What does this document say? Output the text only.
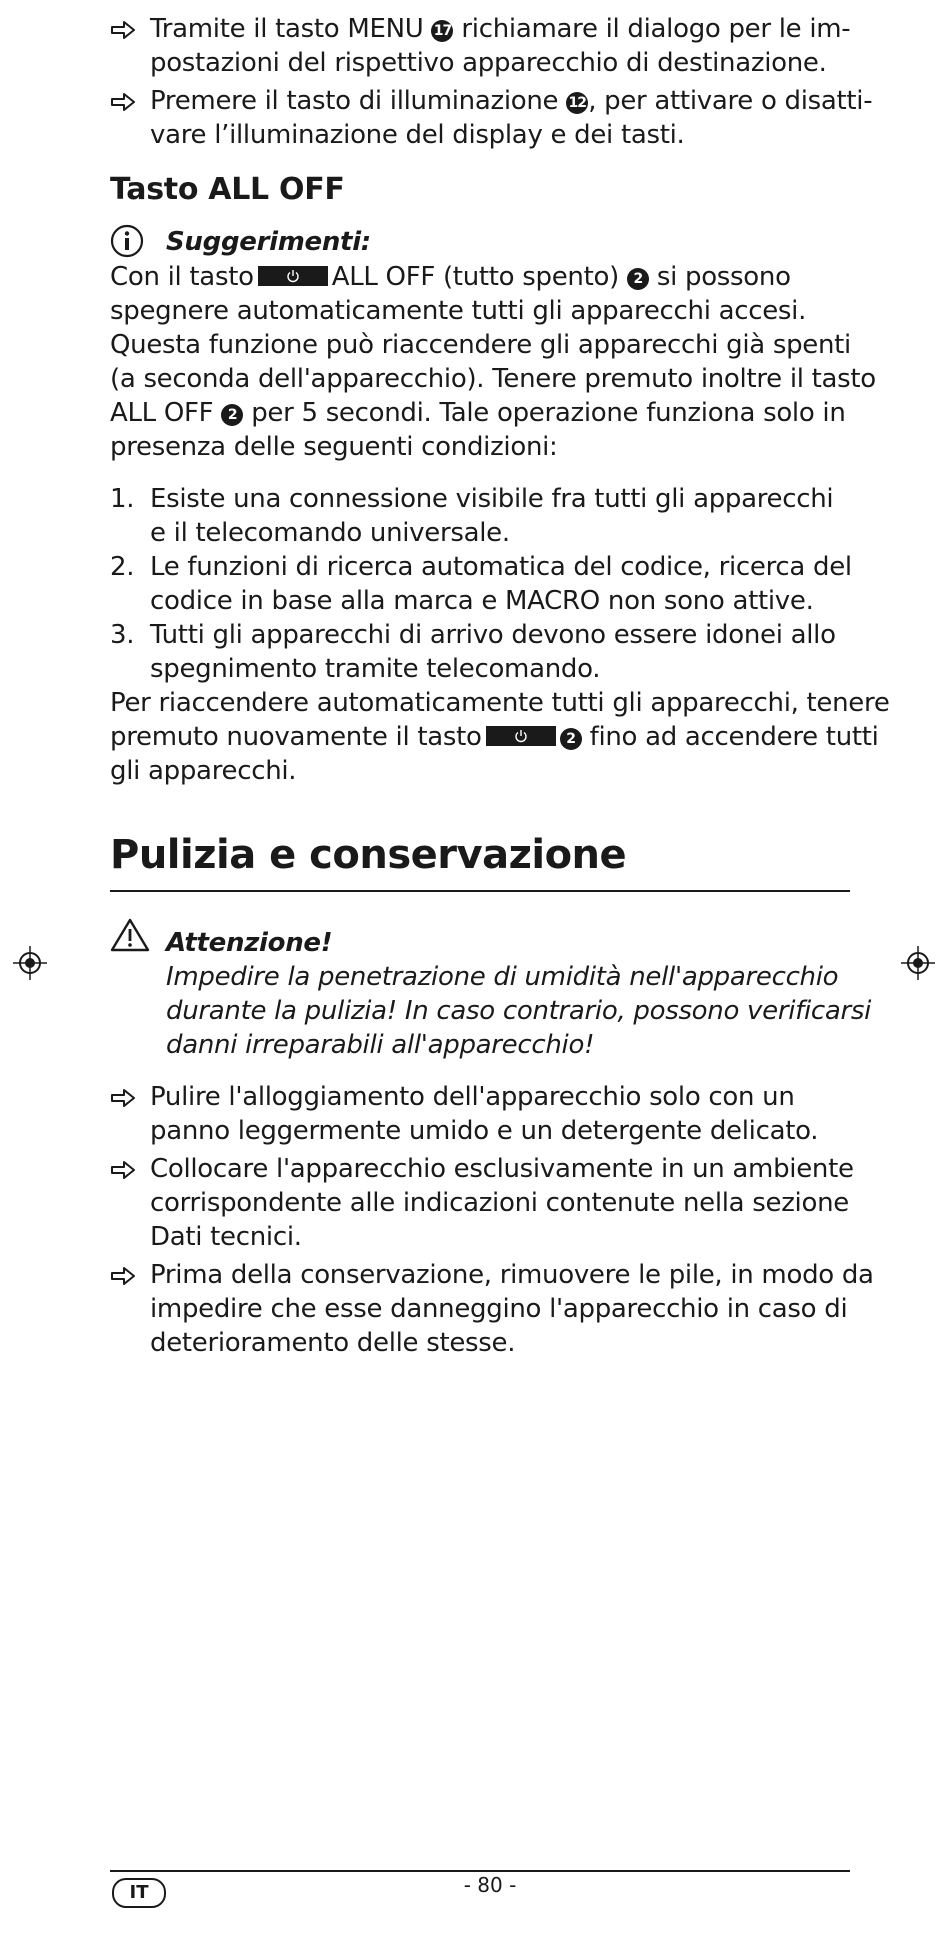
Tramite il tasto MENU 17 richiamare il dialogo per le im-
postazioni del rispettivo apparecchio di destinazione.
Premere il tasto di illuminazione 12, per attivare o disatti-
vare l’illuminazione del display e dei tasti.
Tasto ALL OFF
Suggerimenti:
Con il tasto	ALL OFF (tutto spento) 2 si possono
spegnere automaticamente tutti gli apparecchi accesi.
Questa funzione può riaccendere gli apparecchi già spenti
(a seconda dell'apparecchio). Tenere premuto inoltre il tasto
ALL OFF 2 per 5 secondi. Tale operazione funziona solo in
presenza delle seguenti condizioni:
1. Esiste una connessione visibile fra tutti gli apparecchi
e il telecomando universale.
2. Le funzioni di ricerca automatica del codice, ricerca del
codice in base alla marca e MACRO non sono attive.
3. Tutti gli apparecchi di arrivo devono essere idonei allo
spegnimento tramite telecomando.
Per riaccendere automaticamente tutti gli apparecchi, tenere
premuto nuovamente il tasto	2 fino ad accendere tutti
gli apparecchi.
Pulizia e conservazione
Attenzione!
Impedire la penetrazione di umidità nell'apparecchio
durante la pulizia! In caso contrario, possono verificarsi
danni irreparabili all'apparecchio!
Pulire l'alloggiamento dell'apparecchio solo con un
panno leggermente umido e un detergente delicato.
Collocare l'apparecchio esclusivamente in un ambiente
corrispondente alle indicazioni contenute nella sezione
Dati tecnici.
Prima della conservazione, rimuovere le pile, in modo da
impedire che esse danneggino l'apparecchio in caso di
deterioramento delle stesse.
IT	- 80 -
